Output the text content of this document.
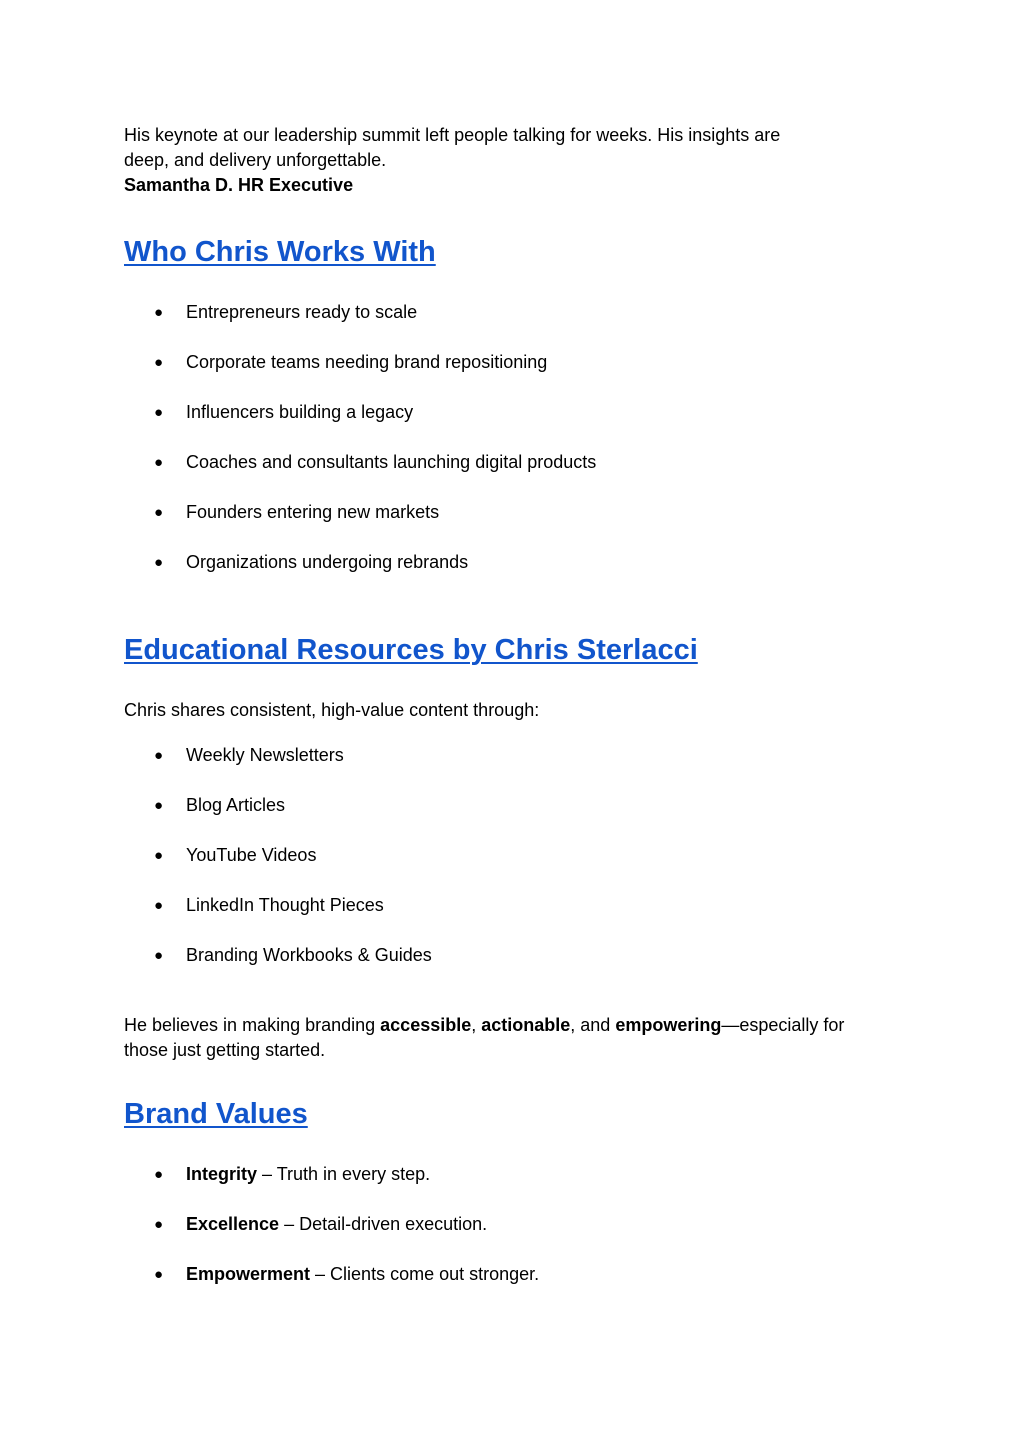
His keynote at our leadership summit left people talking for weeks. His insights are

deep, and delivery unforgettable.

Samantha D. HR Executive

Who Chris Works With
● Entrepreneurs ready to scale
● Corporate teams needing brand repositioning
● Influencers building a legacy
● Coaches and consultants launching digital products
● Founders entering new markets
● Organizations undergoing rebrands
Educational Resources by Chris Sterlacci

Chris shares consistent, high-value content through:

● Weekly Newsletters
● Blog Articles
● YouTube Videos
● LinkedIn Thought Pieces
● Branding Workbooks & Guides

He believes in making branding accessible, actionable, and empowering—especially for

those just getting started.

Brand Values
● Integrity – Truth in every step.
● Excellence – Detail-driven execution.
● Empowerment – Clients come out stronger.
